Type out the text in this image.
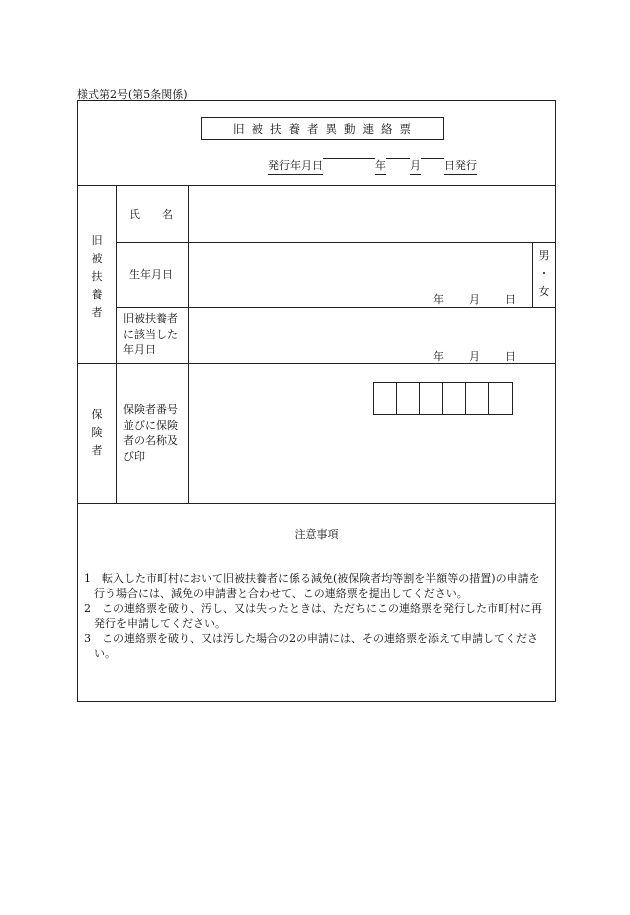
様式第2号(第5条関係)
旧被扶養者異動連絡票
発行年月日	年 月 日発行
旧
被
扶
養
者
氏　　名
生年月日
年 月 日
男
・
女
旧被扶養者に該当した年月日
年 月 日
保
険
者
保険者番号並びに保険者の名称及び印
注意事項
1　転入した市町村において旧被扶養者に係る減免(被保険者均等割を半額等の措置)の申請を行う場合には、減免の申請書と合わせて、この連絡票を提出してください。
2　この連絡票を破り、汚し、又は失ったときは、ただちにこの連絡票を発行した市町村に再発行を申請してください。
3　この連絡票を破り、又は汚した場合の2の申請には、その連絡票を添えて申請してください。
